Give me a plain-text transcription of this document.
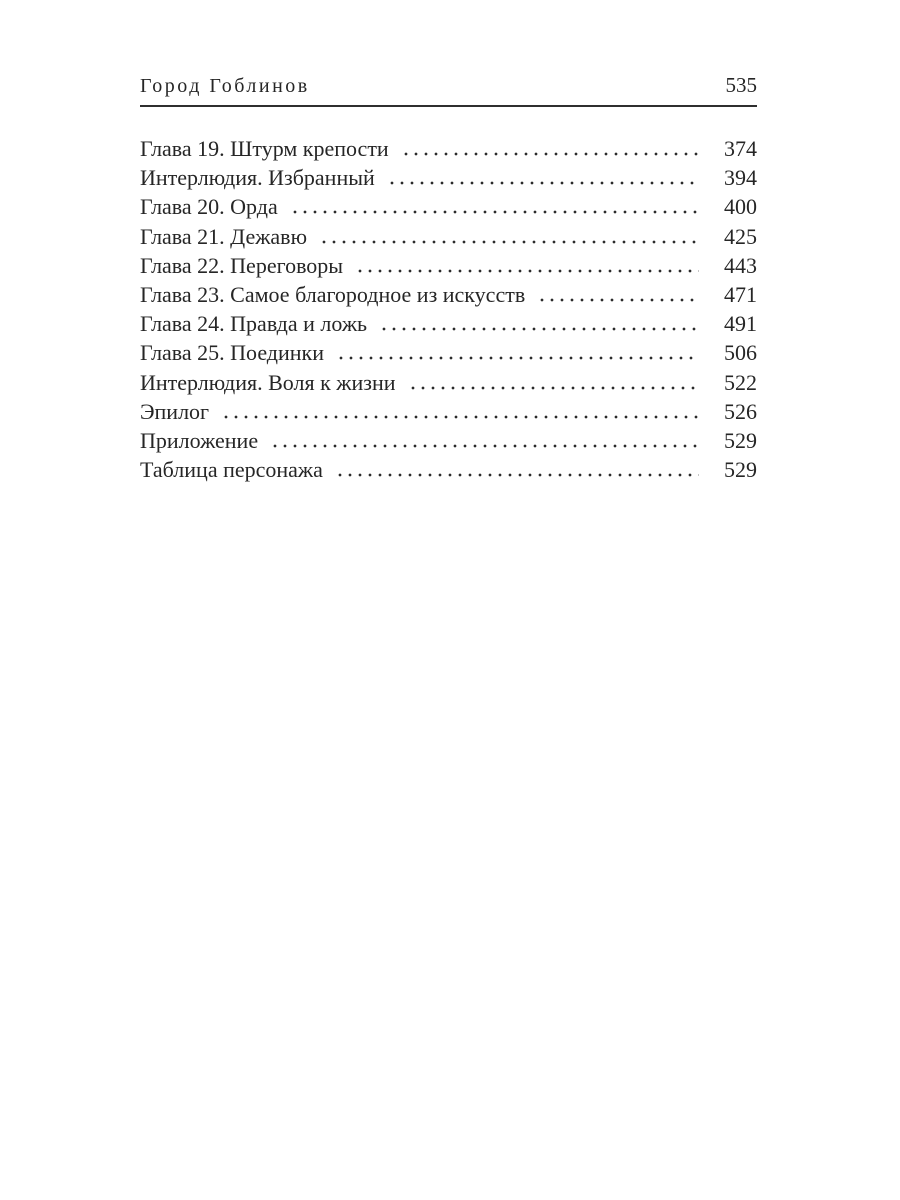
Город Гоблинов	535
Глава 19. Штурм крепости	374
Интерлюдия. Избранный	394
Глава 20. Орда	400
Глава 21. Дежавю	425
Глава 22. Переговоры	443
Глава 23. Самое благородное из искусств	471
Глава 24. Правда и ложь	491
Глава 25. Поединки	506
Интерлюдия. Воля к жизни	522
Эпилог	526
Приложение	529
Таблица персонажа	529
